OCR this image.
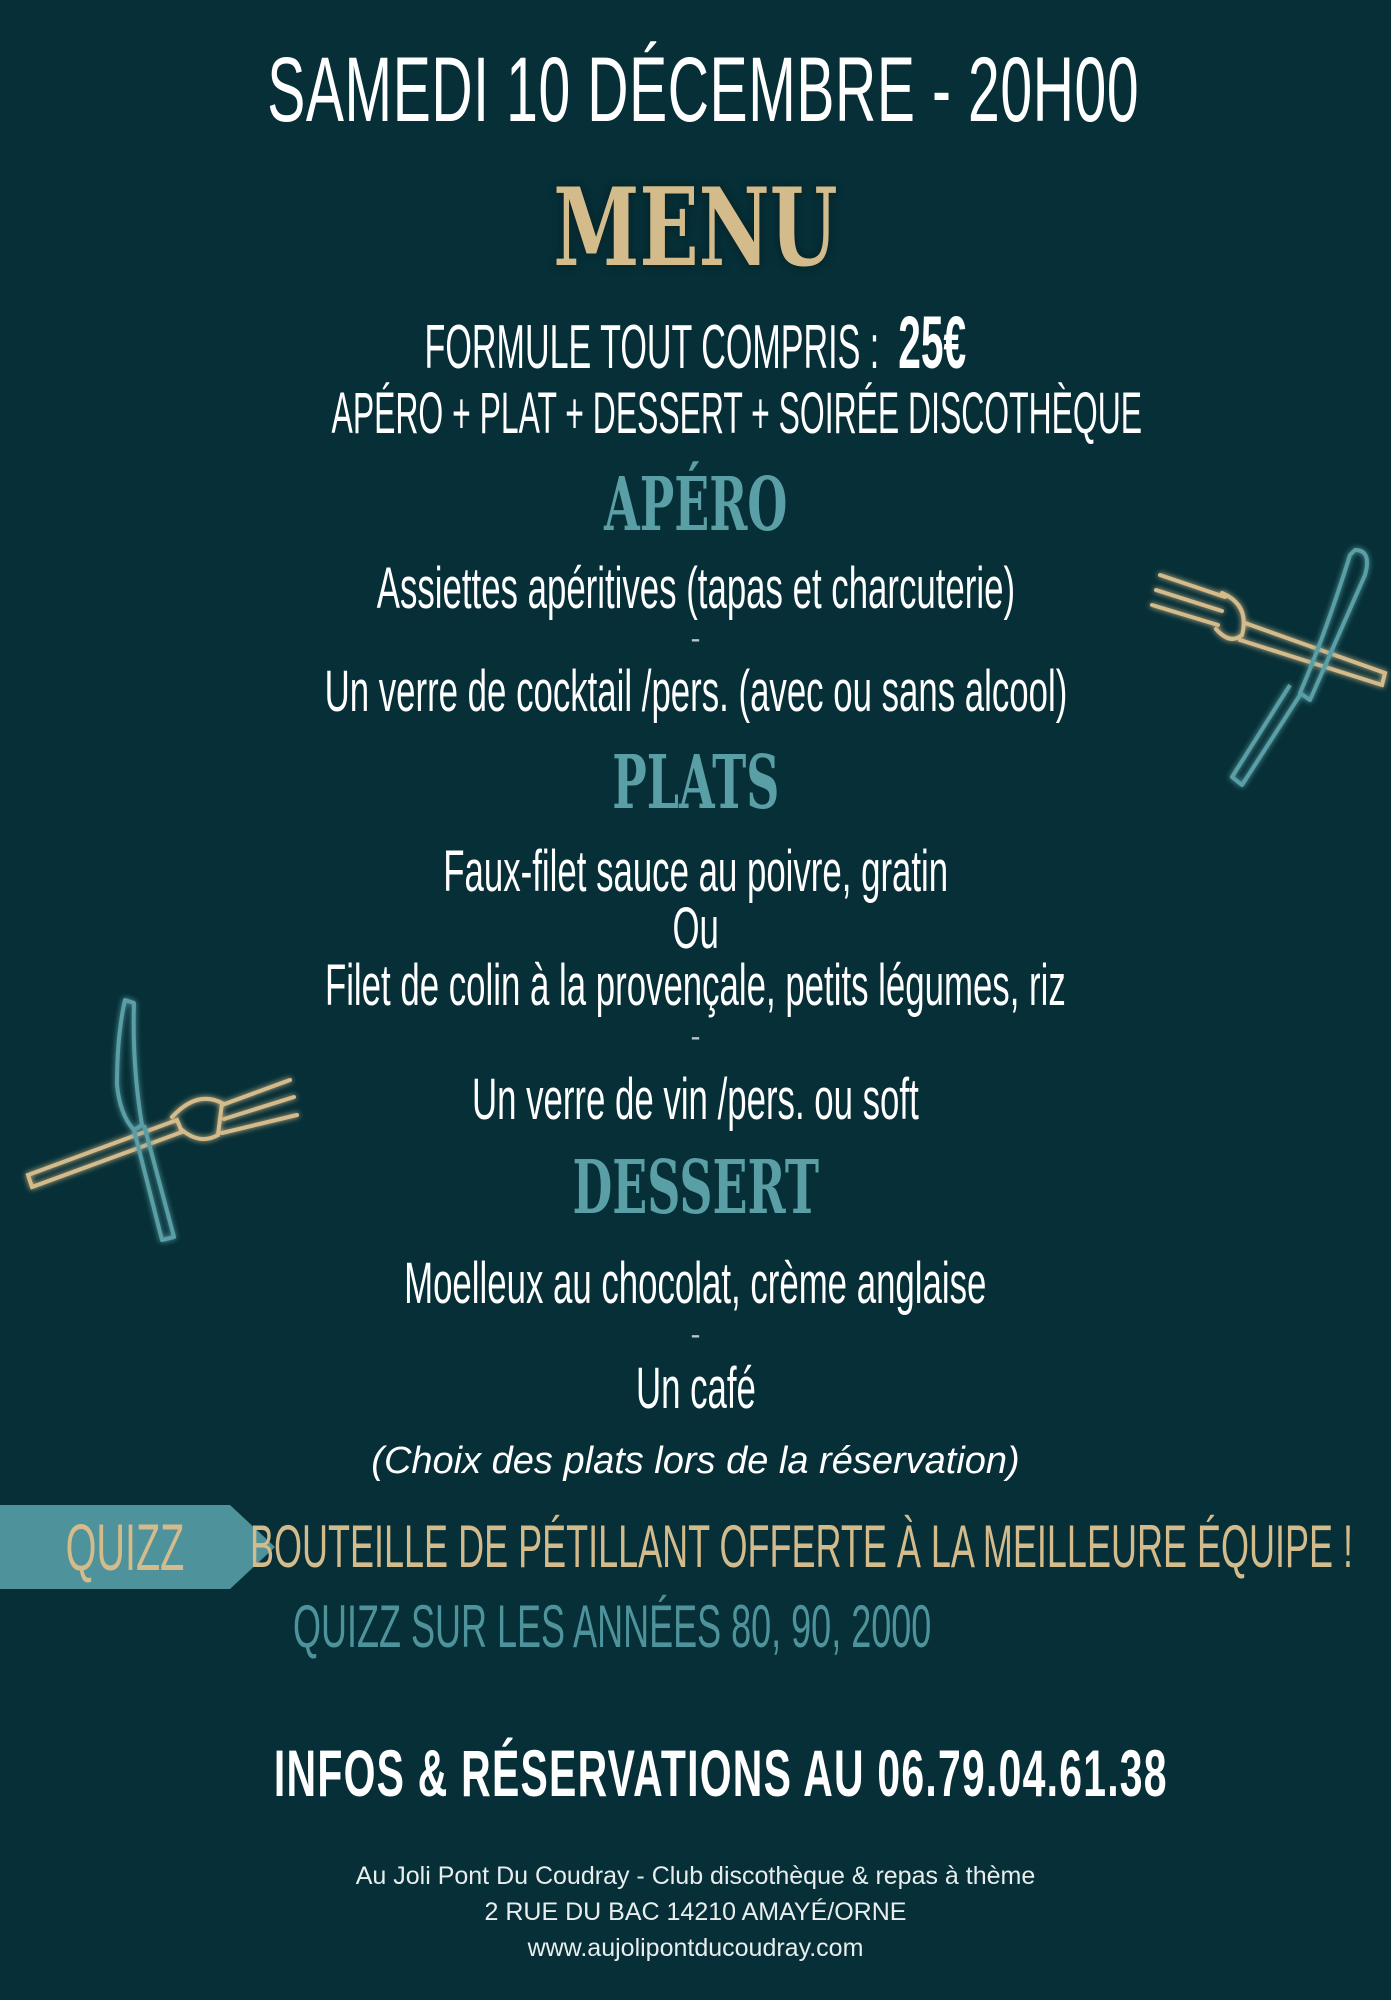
SAMEDI 10 DÉCEMBRE - 20H00
MENU
FORMULE TOUT COMPRIS : 25€
APÉRO + PLAT + DESSERT + SOIRÉE DISCOTHÈQUE
APÉRO
Assiettes apéritives (tapas et charcuterie)
-
Un verre de cocktail /pers. (avec ou sans alcool)
PLATS
Faux-filet sauce au poivre, gratin
Ou
Filet de colin à la provençale, petits légumes, riz
-
Un verre de vin /pers. ou soft
DESSERT
Moelleux au chocolat, crème anglaise
-
Un café
(Choix des plats lors de la réservation)
QUIZZ	BOUTEILLE DE PÉTILLANT OFFERTE À LA MEILLEURE ÉQUIPE !
QUIZZ SUR LES ANNÉES 80, 90, 2000
INFOS & RÉSERVATIONS AU 06.79.04.61.38
Au Joli Pont Du Coudray - Club discothèque & repas à thème
2 RUE DU BAC 14210 AMAYÉ/ORNE
www.aujolipontducoudray.com
